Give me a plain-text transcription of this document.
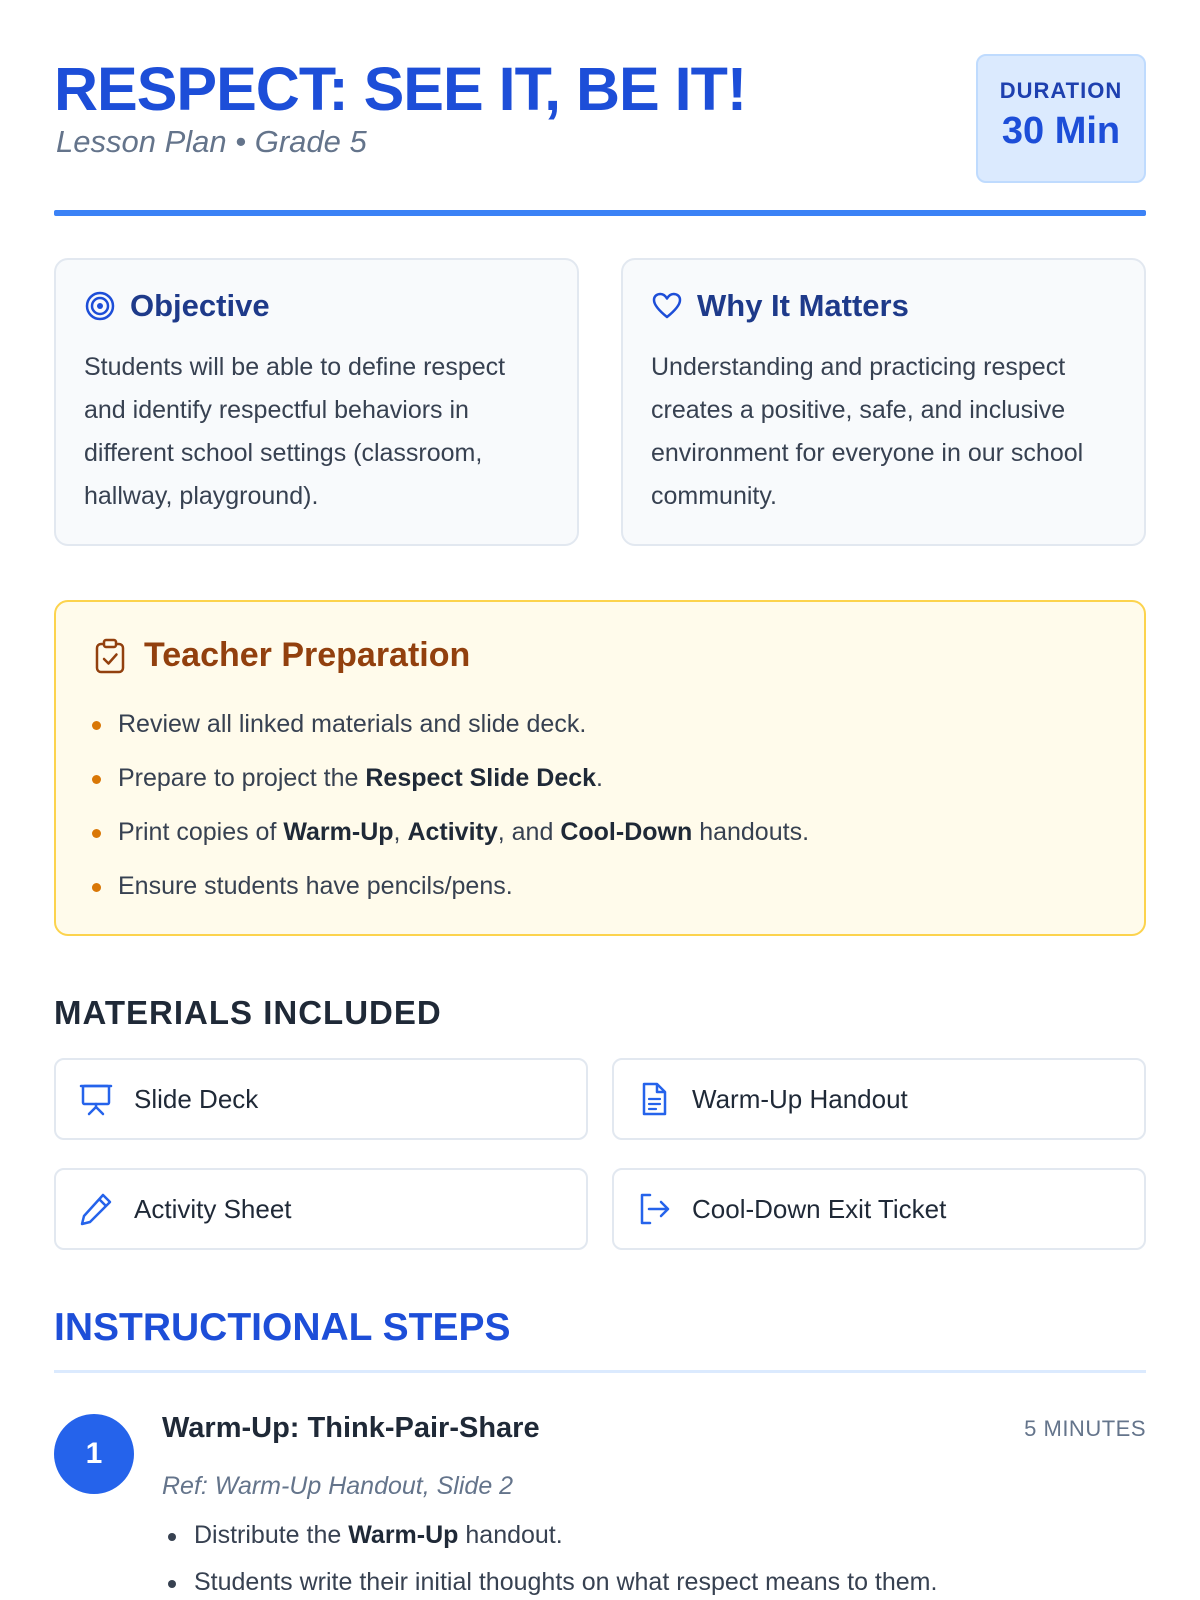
RESPECT: SEE IT, BE IT!
Lesson Plan • Grade 5
DURATION
30 Min
Objective

Students will be able to define respect and identify respectful behaviors in different school settings (classroom, hallway, playground).

Why It Matters

Understanding and practicing respect creates a positive, safe, and inclusive environment for everyone in our school community.

Teacher Preparation
Review all linked materials and slide deck.
Prepare to project the Respect Slide Deck.
Print copies of Warm-Up, Activity, and Cool-Down handouts.
Ensure students have pencils/pens.
MATERIALS INCLUDED
Slide Deck	Warm-Up Handout
Activity Sheet	Cool-Down Exit Ticket
INSTRUCTIONAL STEPS
1
Warm-Up: Think-Pair-Share	5 MINUTES
Ref: Warm-Up Handout, Slide 2
Distribute the Warm-Up handout.
Students write their initial thoughts on what respect means to them.
